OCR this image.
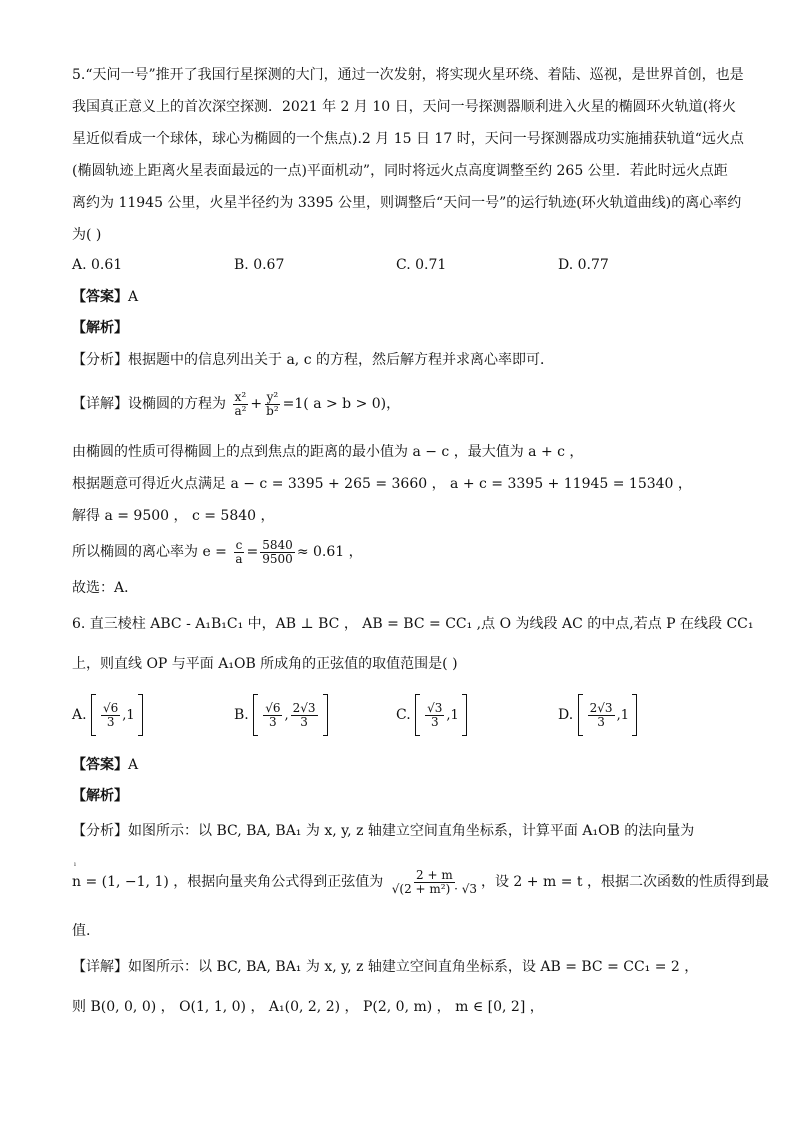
5.“天问一号”推开了我国行星探测的大门，通过一次发射，将实现火星环绕、着陆、巡视，是世界首创，也是
我国真正意义上的首次深空探测．2021 年 2 月 10 日，天问一号探测器顺利进入火星的椭圆环火轨道(将火
星近似看成一个球体，球心为椭圆的一个焦点).2 月 15 日 17 时，天问一号探测器成功实施捕获轨道“远火点
(椭圆轨迹上距离火星表面最远的一点)平面机动”，同时将远火点高度调整至约 265 公里．若此时远火点距
离约为 11945 公里，火星半径约为 3395 公里，则调整后“天问一号”的运行轨迹(环火轨道曲线)的离心率约
为( )
A. 0.61	B. 0.67	C. 0.71	D. 0.77
【答案】A
【解析】
【分析】根据题中的信息列出关于 a, c 的方程，然后解方程并求离心率即可．
【详解】设椭圆的方程为 $\frac{\text{x²}}{\text{a²}} + \frac{\text{y²}}{\text{b²}} =1$( a > b > 0)，
由椭圆的性质可得椭圆上的点到焦点的距离的最小值为 a − c ，最大值为 a + c ，
根据题意可得近火点满足 a − c = 3395 + 265 = 3660 ， a + c = 3395 + 11945 = 15340 ，
解得 a = 9500 ， c = 5840 ，
所以椭圆的离心率为 $e = \frac{c}{a} = \frac{5840}{9500} \approx 0.61$ ，
故选：A．
6. 直三棱柱 ABC - A₁B₁C₁ 中，AB ⊥ BC ， AB = BC = CC₁ ,点 O 为线段 AC 的中点,若点 P 在线段 CC₁
上，则直线 OP 与平面 A₁OB 所成角的正弦值的取值范围是( )
A. $\frac{√6}{3} ,1$	B. $\frac{√6}{3}$ , $\frac{2√3}{3}$	C. $\frac{√3}{3} ,1$	D. $\frac{2√3}{3} ,1$
【答案】A
【解析】
【分析】如图所示：以 BC, BA, BA₁ 为 x, y, z 轴建立空间直角坐标系，计算平面 A₁OB 的法向量为
ˡ
n = (1, −1, 1) ，根据向量夹角公式得到正弦值为 $\frac{2 + m}{\text{√(2 + m²) · √3}}$ ，设 2 + m = t ，根据二次函数的性质得到最
值.
【详解】如图所示：以 BC, BA, BA₁ 为 x, y, z 轴建立空间直角坐标系，设 AB = BC = CC₁ = 2 ，
则 B(0, 0, 0) ， O(1, 1, 0) ， A₁(0, 2, 2) ， P(2, 0, m) ， m ∈ [0, 2] ，
